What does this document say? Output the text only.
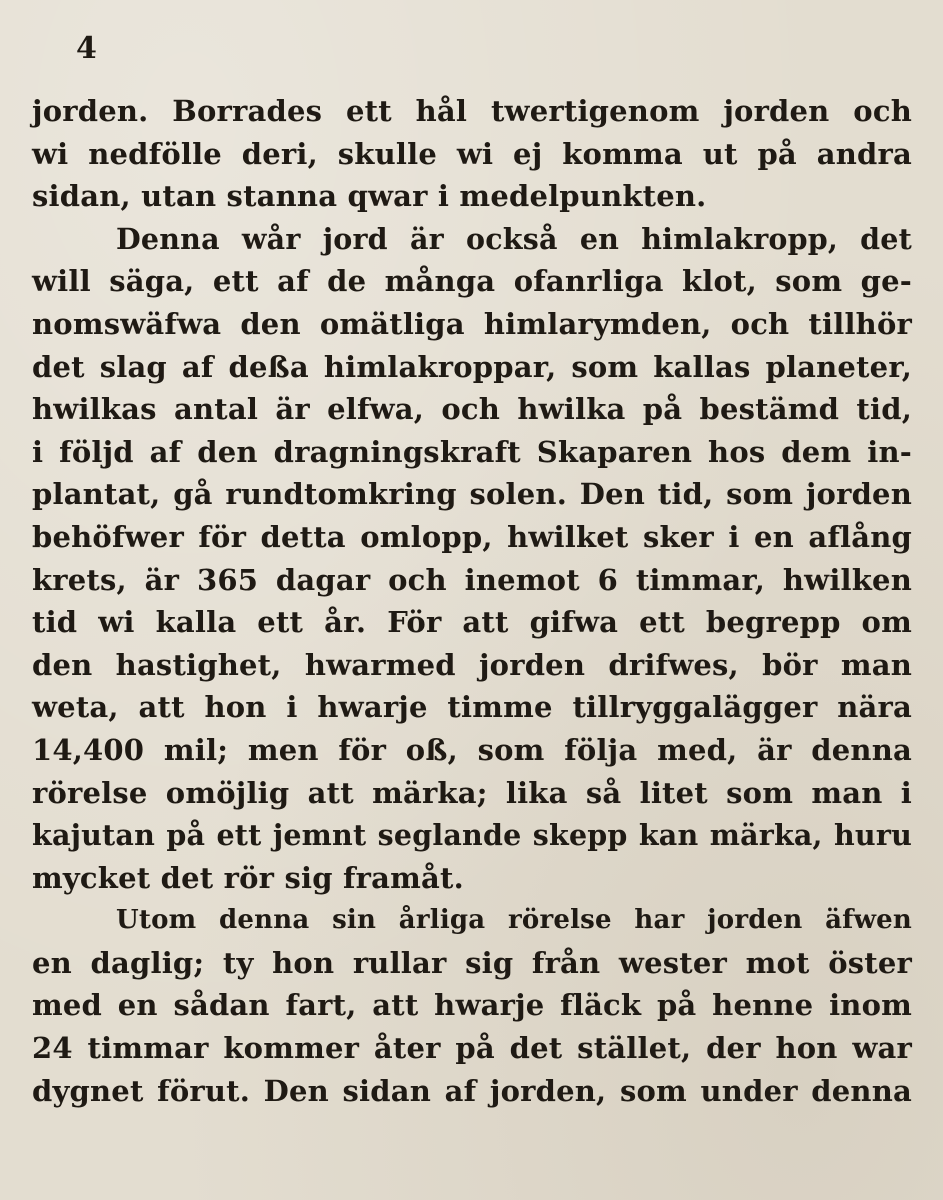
4
jorden. Borrades ett hål twertigenom jorden och
wi nedfölle deri, skulle wi ej komma ut på andra
sidan, utan stanna qwar i medelpunkten.
Denna wår jord är också en himlakropp, det
will säga, ett af de många ofanrliga klot, som ge-
nomswäfwa den omätliga himlarymden, och tillhör
det slag af deßa himlakroppar, som kallas planeter,
hwilkas antal är elfwa, och hwilka på bestämd tid,
i följd af den dragningskraft Skaparen hos dem in-
plantat, gå rundtomkring solen. Den tid, som jorden
behöfwer för detta omlopp, hwilket sker i en aflång
krets, är 365 dagar och inemot 6 timmar, hwilken
tid wi kalla ett år. För att gifwa ett begrepp om
den hastighet, hwarmed jorden drifwes, bör man
weta, att hon i hwarje timme tillryggalägger nära
14,400 mil; men för oß, som följa med, är denna
rörelse omöjlig att märka; lika så litet som man i
kajutan på ett jemnt seglande skepp kan märka, huru
mycket det rör sig framåt.
Utom denna sin årliga rörelse har jorden äfwen
en daglig; ty hon rullar sig från wester mot öster
med en sådan fart, att hwarje fläck på henne inom
24 timmar kommer åter på det stället, der hon war
dygnet förut. Den sidan af jorden, som under denna
